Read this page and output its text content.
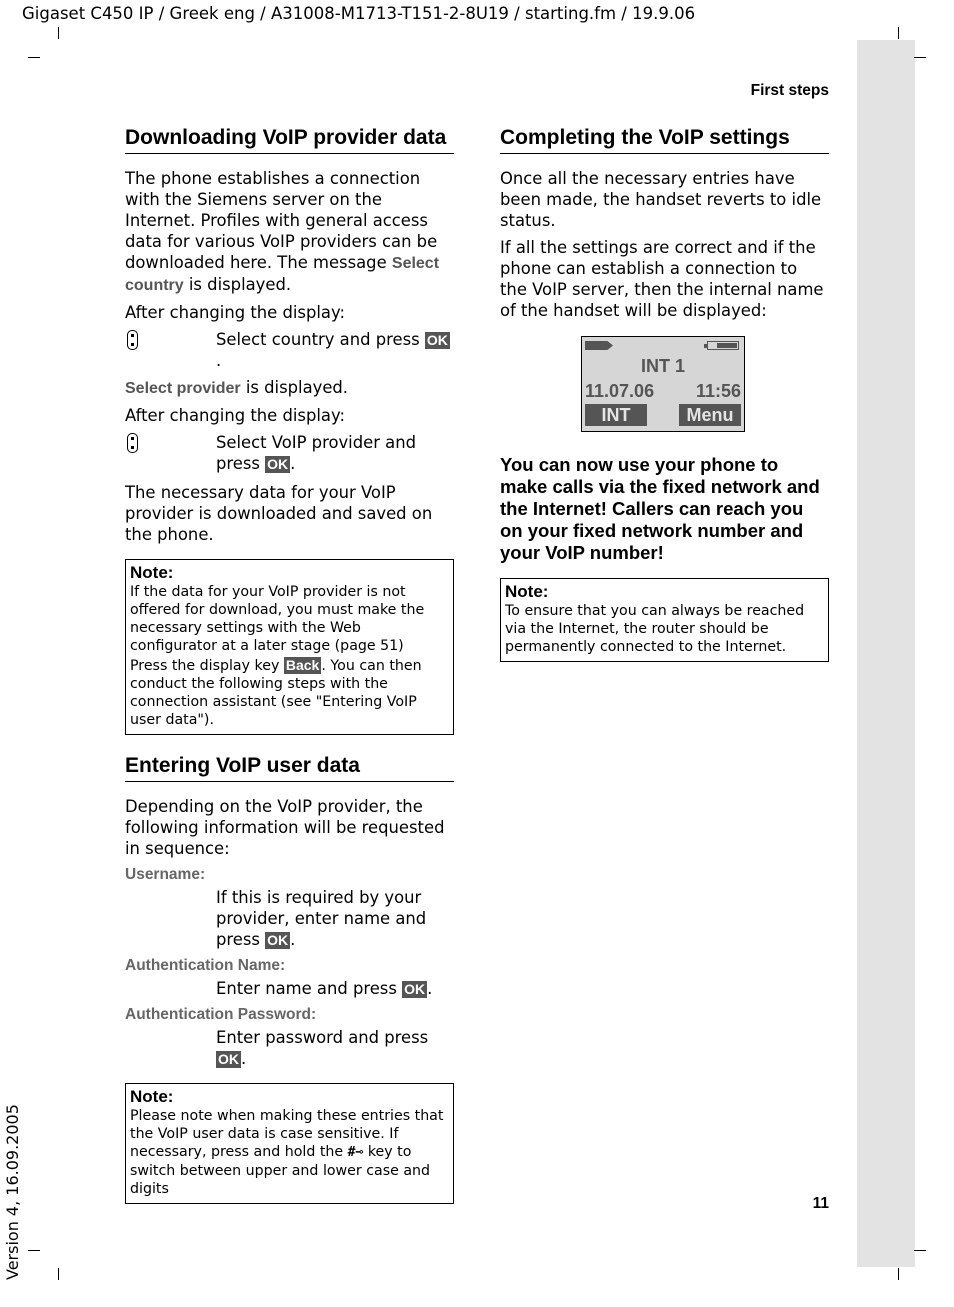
Gigaset C450 IP / Greek eng / A31008-M1713-T151-2-8U19 / starting.fm / 19.9.06
First steps
11
Version 4, 16.09.2005
Downloading VoIP provider data

The phone establishes a connection with the Siemens server on the Internet. Profiles with general access data for various VoIP providers can be downloaded here. The message Select country is displayed.

After changing the display:

Select country and press OK.

Select provider is displayed.

After changing the display:

Select VoIP provider and press OK .

The necessary data for your VoIP provider is downloaded and saved on the phone.

Note:
If the data for your VoIP provider is not offered for download, you must make the necessary settings with the Web configurator at a later stage (page 51)
Press the display key Back . You can then conduct the following steps with the connection assistant (see "Entering VoIP user data").
Entering VoIP user data

Depending on the VoIP provider, the following information will be requested in sequence:

Username:
If this is required by your provider, enter name and press OK .
Authentication Name:
Enter name and press OK .
Authentication Password:
Enter password and press OK .
Note:
Please note when making these entries that the VoIP user data is case sensitive. If necessary, press and hold the #⊸ key to switch between upper and lower case and digits
Completing the VoIP settings

Once all the necessary entries have been made, the handset reverts to idle status.

If all the settings are correct and if the phone can establish a connection to the VoIP server, then the internal name of the handset will be displayed:

INT 1
11.07.06 11:56
INT	Menu
You can now use your phone to make calls via the fixed network and the Internet! Callers can reach you on your fixed network number and your VoIP number!
Note:
To ensure that you can always be reached via the Internet, the router should be permanently connected to the Internet.
